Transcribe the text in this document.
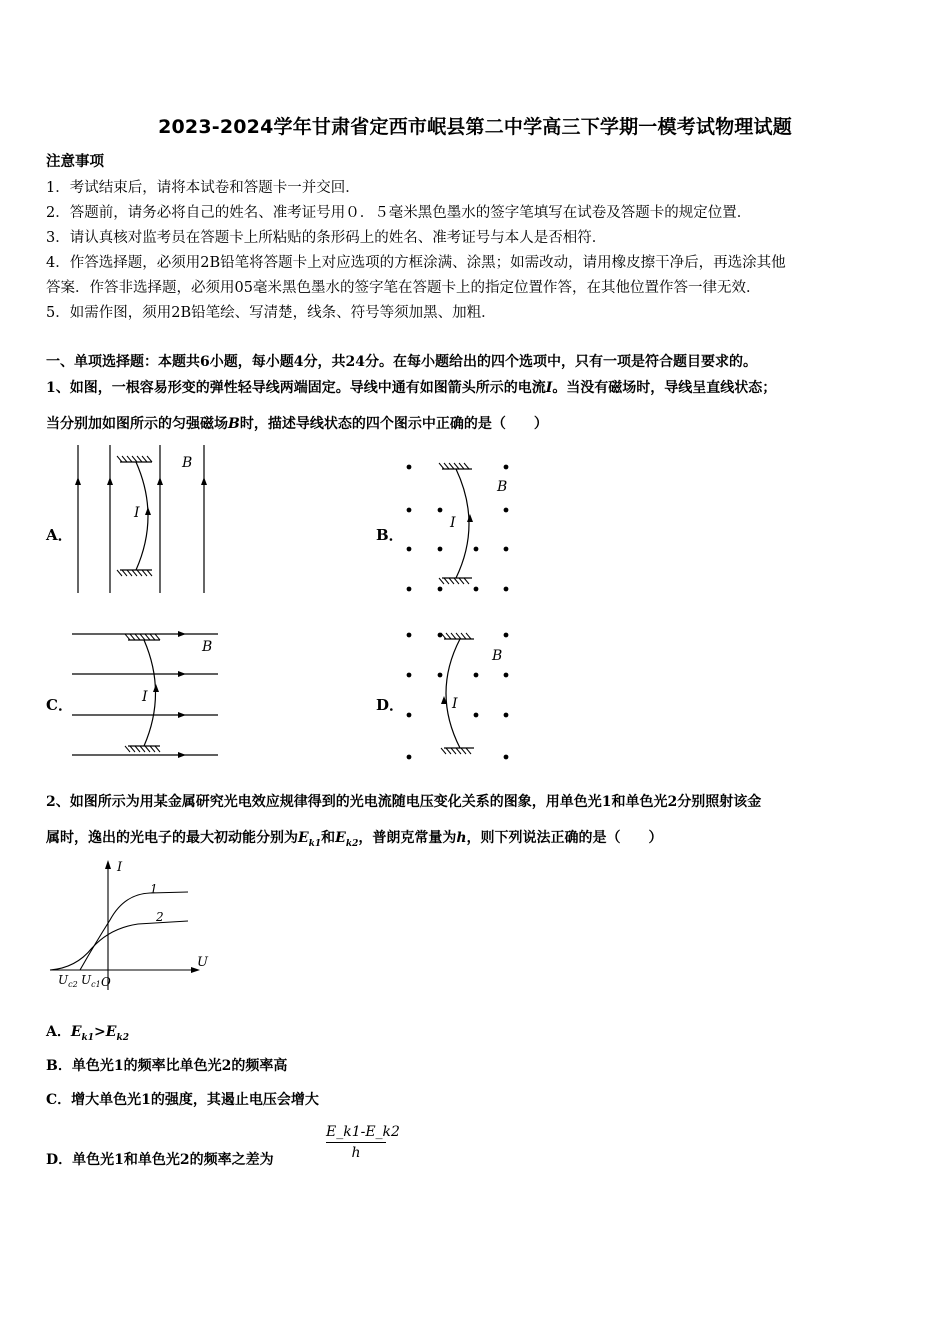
2023-2024学年甘肃省定西市岷县第二中学高三下学期一模考试物理试题
注意事项
1．考试结束后，请将本试卷和答题卡一并交回．
2．答题前，请务必将自己的姓名、准考证号用０．５毫米黑色墨水的签字笔填写在试卷及答题卡的规定位置．
3．请认真核对监考员在答题卡上所粘贴的条形码上的姓名、准考证号与本人是否相符．
4．作答选择题，必须用2B铅笔将答题卡上对应选项的方框涂满、涂黑；如需改动，请用橡皮擦干净后，再选涂其他
答案．作答非选择题，必须用05毫米黑色墨水的签字笔在答题卡上的指定位置作答，在其他位置作答一律无效．
5．如需作图，须用2B铅笔绘、写清楚，线条、符号等须加黑、加粗．
一、单项选择题：本题共6小题，每小题4分，共24分。在每小题给出的四个选项中，只有一项是符合题目要求的。
1、如图，一根容易形变的弹性轻导线两端固定。导线中通有如图箭头所示的电流I。当没有磁场时，导线呈直线状态；
当分别加如图所示的匀强磁场B时，描述导线状态的四个图示中正确的是（　　）
A．	B．
C．	D．
I
B
I
B
I
B
I
B
2、如图所示为用某金属研究光电效应规律得到的光电流随电压变化关系的图象，用单色光1和单色光2分别照射该金
属时，逸出的光电子的最大初动能分别为$E_{k1}$和$E_{k2}$，普朗克常量为h，则下列说法正确的是（　　）
I
U
1
2
O
$U_{c2}$ $U_{c1}$
A．$E_{k1}>E_{k2}$
B．单色光1的频率比单色光2的频率高
C．增大单色光1的强度，其遏止电压会增大
D．单色光1和单色光2的频率之差为	$\frac{E\_k1-E\_k2}{h}$
